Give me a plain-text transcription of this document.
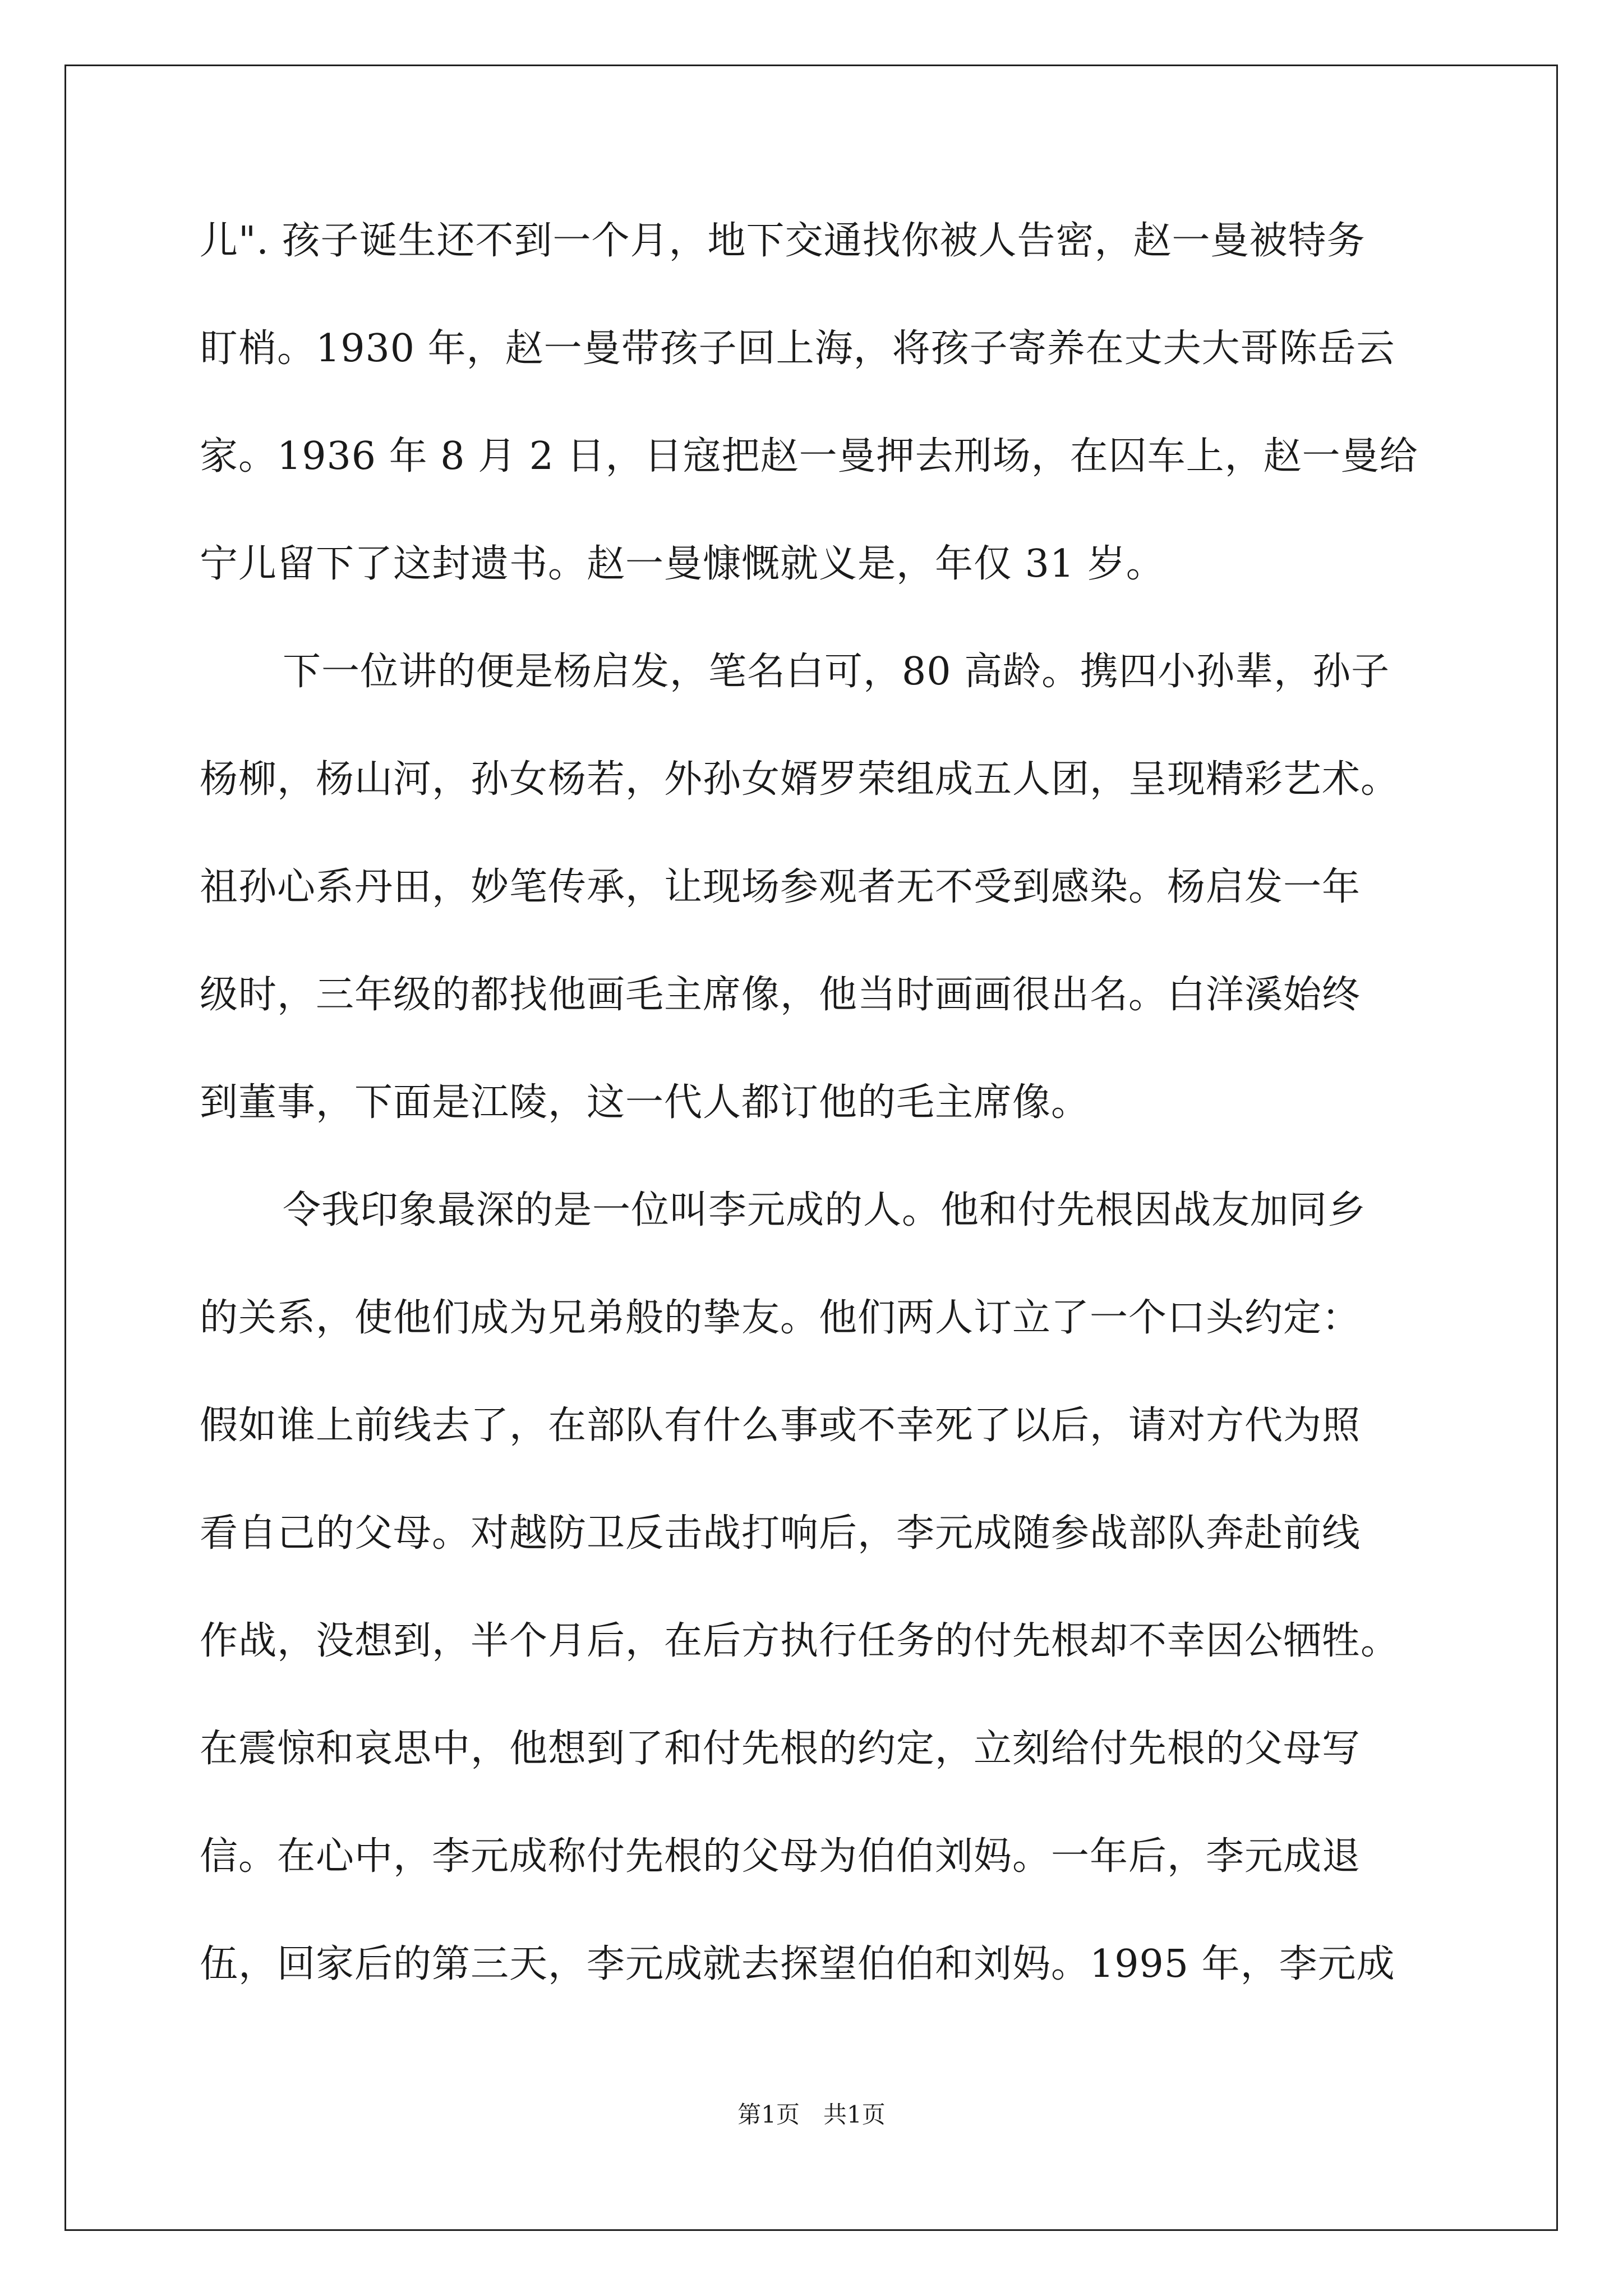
儿". 孩子诞生还不到一个月，地下交通找你被人告密，赵一曼被特务
盯梢。1930 年，赵一曼带孩子回上海，将孩子寄养在丈夫大哥陈岳云
家。1936 年 8 月 2 日，日寇把赵一曼押去刑场，在囚车上，赵一曼给
宁儿留下了这封遗书。赵一曼慷慨就义是，年仅 31 岁。
下一位讲的便是杨启发，笔名白可，80 高龄。携四小孙辈，孙子
杨柳，杨山河，孙女杨若，外孙女婿罗荣组成五人团，呈现精彩艺术。
祖孙心系丹田，妙笔传承，让现场参观者无不受到感染。杨启发一年
级时，三年级的都找他画毛主席像，他当时画画很出名。白洋溪始终
到董事，下面是江陵，这一代人都订他的毛主席像。
令我印象最深的是一位叫李元成的人。他和付先根因战友加同乡
的关系，使他们成为兄弟般的挚友。他们两人订立了一个口头约定：
假如谁上前线去了，在部队有什么事或不幸死了以后，请对方代为照
看自己的父母。对越防卫反击战打响后，李元成随参战部队奔赴前线
作战，没想到，半个月后，在后方执行任务的付先根却不幸因公牺牲。
在震惊和哀思中，他想到了和付先根的约定，立刻给付先根的父母写
信。在心中，李元成称付先根的父母为伯伯刘妈。一年后，李元成退
伍，回家后的第三天，李元成就去探望伯伯和刘妈。1995 年，李元成
第1页　共1页
